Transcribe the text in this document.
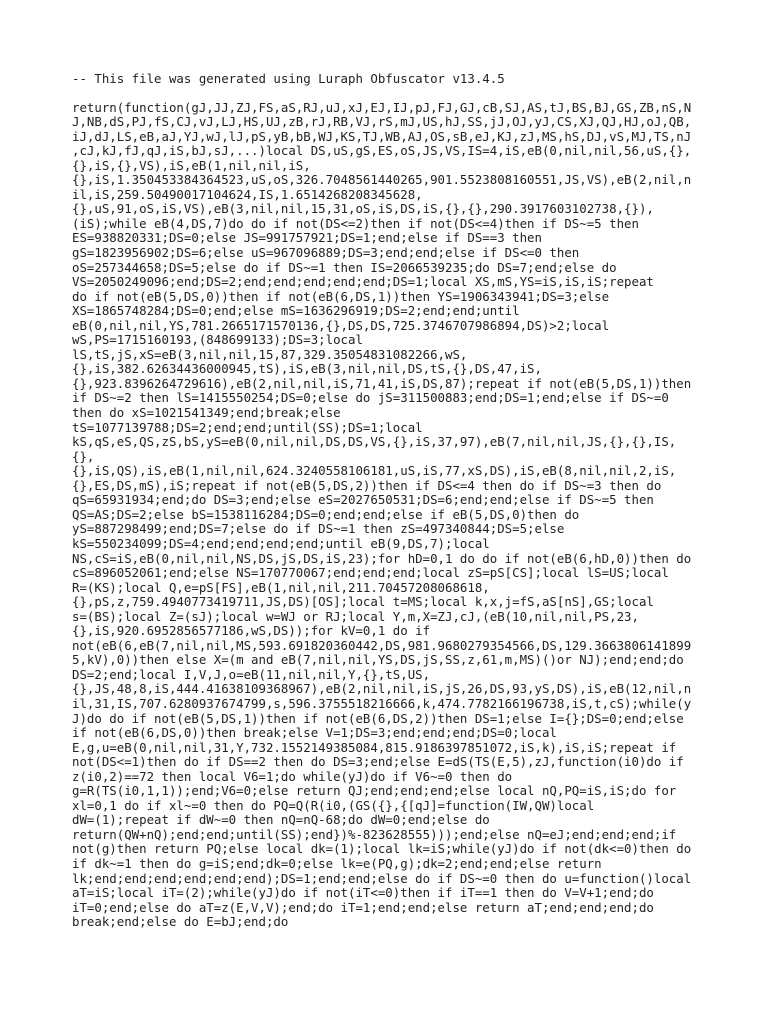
-- This file was generated using Luraph Obfuscator v13.4.5
return(function(gJ,JJ,ZJ,FS,aS,RJ,uJ,xJ,EJ,IJ,pJ,FJ,GJ,cB,SJ,AS,tJ,BS,BJ,GS,ZB,nS,N
J,NB,dS,PJ,fS,CJ,vJ,LJ,HS,UJ,zB,rJ,RB,VJ,rS,mJ,US,hJ,SS,jJ,OJ,yJ,CS,XJ,QJ,HJ,oJ,QB,
iJ,dJ,LS,eB,aJ,YJ,wJ,lJ,pS,yB,bB,WJ,KS,TJ,WB,AJ,OS,sB,eJ,KJ,zJ,MS,hS,DJ,vS,MJ,TS,nJ
,cJ,kJ,fJ,qJ,iS,bJ,sJ,...)local DS,uS,gS,ES,oS,JS,VS,IS=4,iS,eB(0,nil,nil,56,uS,{},
{},iS,{},VS),iS,eB(1,nil,nil,iS,
{},iS,1.350453384364523,uS,oS,326.7048561440265,901.5523808160551,JS,VS),eB(2,nil,n
il,iS,259.50490017104624,IS,1.6514268208345628,
{},uS,91,oS,iS,VS),eB(3,nil,nil,15,31,oS,iS,DS,iS,{},{},290.3917603102738,{}),
(iS);while eB(4,DS,7)do do if not(DS<=2)then if not(DS<=4)then if DS~=5 then
ES=938820331;DS=0;else JS=991757921;DS=1;end;else if DS==3 then
gS=1823956902;DS=6;else uS=967096889;DS=3;end;end;else if DS<=0 then
oS=257344658;DS=5;else do if DS~=1 then IS=2066539235;do DS=7;end;else do
VS=2050249096;end;DS=2;end;end;end;end;end;DS=1;local XS,mS,YS=iS,iS,iS;repeat
do if not(eB(5,DS,0))then if not(eB(6,DS,1))then YS=1906343941;DS=3;else
XS=1865748284;DS=0;end;else mS=1636296919;DS=2;end;end;until
eB(0,nil,nil,YS,781.2665171570136,{},DS,DS,725.3746707986894,DS)>2;local
wS,PS=1715160193,(848699133);DS=3;local
lS,tS,jS,xS=eB(3,nil,nil,15,87,329.35054831082266,wS,
{},iS,382.62634436000945,tS),iS,eB(3,nil,nil,DS,tS,{},DS,47,iS,
{},923.8396264729616),eB(2,nil,nil,iS,71,41,iS,DS,87);repeat if not(eB(5,DS,1))then
if DS~=2 then lS=1415550254;DS=0;else do jS=311500883;end;DS=1;end;else if DS~=0
then do xS=1021541349;end;break;else
tS=1077139788;DS=2;end;end;until(SS);DS=1;local
kS,qS,eS,QS,zS,bS,yS=eB(0,nil,nil,DS,DS,VS,{},iS,37,97),eB(7,nil,nil,JS,{},{},IS,
{},
{},iS,QS),iS,eB(1,nil,nil,624.3240558106181,uS,iS,77,xS,DS),iS,eB(8,nil,nil,2,iS,
{},ES,DS,mS),iS;repeat if not(eB(5,DS,2))then if DS<=4 then do if DS~=3 then do
qS=65931934;end;do DS=3;end;else eS=2027650531;DS=6;end;end;else if DS~=5 then
QS=AS;DS=2;else bS=1538116284;DS=0;end;end;else if eB(5,DS,0)then do
yS=887298499;end;DS=7;else do if DS~=1 then zS=497340844;DS=5;else
kS=550234099;DS=4;end;end;end;end;until eB(9,DS,7);local
NS,cS=iS,eB(0,nil,nil,NS,DS,jS,DS,iS,23);for hD=0,1 do do if not(eB(6,hD,0))then do
cS=896052061;end;else NS=170770067;end;end;end;local zS=pS[CS];local lS=US;local
R=(KS);local Q,e=pS[FS],eB(1,nil,nil,211.70457208068618,
{},pS,z,759.4940773419711,JS,DS)[OS];local t=MS;local k,x,j=fS,aS[nS],GS;local
s=(BS);local Z=(sJ);local w=WJ or RJ;local Y,m,X=ZJ,cJ,(eB(10,nil,nil,PS,23,
{},iS,920.6952856577186,wS,DS));for kV=0,1 do if
not(eB(6,eB(7,nil,nil,MS,593.691820360442,DS,981.9680279354566,DS,129.3663806141899
5,kV),0))then else X=(m and eB(7,nil,nil,YS,DS,jS,SS,z,61,m,MS)()or NJ);end;end;do
DS=2;end;local I,V,J,o=eB(11,nil,nil,Y,{},tS,US,
{},JS,48,8,iS,444.41638109368967),eB(2,nil,nil,iS,jS,26,DS,93,yS,DS),iS,eB(12,nil,n
il,31,IS,707.6280937674799,s,596.3755518216666,k,474.7782166196738,iS,t,cS);while(y
J)do do if not(eB(5,DS,1))then if not(eB(6,DS,2))then DS=1;else I={};DS=0;end;else
if not(eB(6,DS,0))then break;else V=1;DS=3;end;end;end;DS=0;local
E,g,u=eB(0,nil,nil,31,Y,732.1552149385084,815.9186397851072,iS,k),iS,iS;repeat if
not(DS<=1)then do if DS==2 then do DS=3;end;else E=dS(TS(E,5),zJ,function(i0)do if
z(i0,2)==72 then local V6=1;do while(yJ)do if V6~=0 then do
g=R(TS(i0,1,1));end;V6=0;else return QJ;end;end;end;else local nQ,PQ=iS,iS;do for
xl=0,1 do if xl~=0 then do PQ=Q(R(i0,(GS({},{[qJ]=function(IW,QW)local
dW=(1);repeat if dW~=0 then nQ=nQ-68;do dW=0;end;else do
return(QW+nQ);end;end;until(SS);end})%-823628555)));end;else nQ=eJ;end;end;end;if
not(g)then return PQ;else local dk=(1);local lk=iS;while(yJ)do if not(dk<=0)then do
if dk~=1 then do g=iS;end;dk=0;else lk=e(PQ,g);dk=2;end;end;else return
lk;end;end;end;end;end;end);DS=1;end;end;else do if DS~=0 then do u=function()local
aT=iS;local iT=(2);while(yJ)do if not(iT<=0)then if iT==1 then do V=V+1;end;do
iT=0;end;else do aT=z(E,V,V);end;do iT=1;end;end;else return aT;end;end;end;do
break;end;else do E=bJ;end;do
